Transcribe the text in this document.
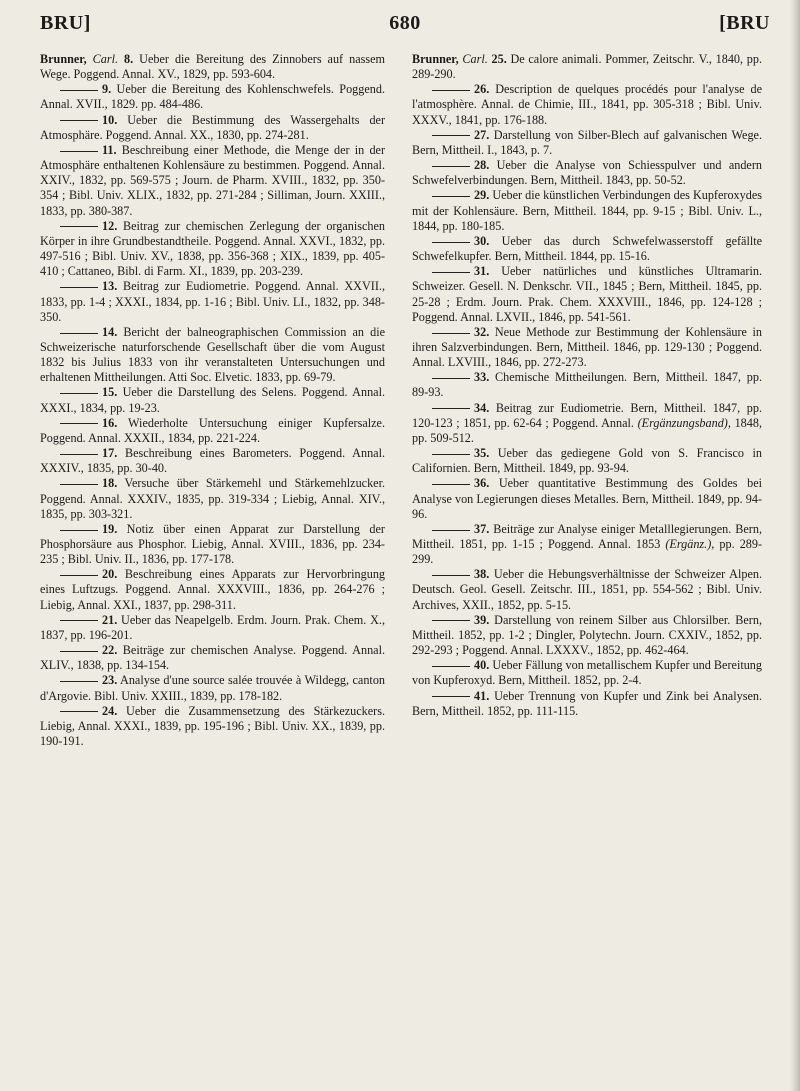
BRU]	680	[BRU

Brunner, Carl. 8. Ueber die Bereitung des Zinnobers auf nassem Wege. Poggend. Annal. XV., 1829, pp. 593-604.

9. Ueber die Bereitung des Kohlenschwefels. Poggend. Annal. XVII., 1829. pp. 484-486.

10. Ueber die Bestimmung des Wassergehalts der Atmosphäre. Poggend. Annal. XX., 1830, pp. 274-281.

11. Beschreibung einer Methode, die Menge der in der Atmosphäre enthaltenen Kohlensäure zu bestimmen. Poggend. Annal. XXIV., 1832, pp. 569-575 ; Journ. de Pharm. XVIII., 1832, pp. 350-354 ; Bibl. Univ. XLIX., 1832, pp. 271-284 ; Silliman, Journ. XXIII., 1833, pp. 380-387.

12. Beitrag zur chemischen Zerlegung der organischen Körper in ihre Grundbestandtheile. Poggend. Annal. XXVI., 1832, pp. 497-516 ; Bibl. Univ. XV., 1838, pp. 356-368 ; XIX., 1839, pp. 405-410 ; Cattaneo, Bibl. di Farm. XI., 1839, pp. 203-239.

13. Beitrag zur Eudiometrie. Poggend. Annal. XXVII., 1833, pp. 1-4 ; XXXI., 1834, pp. 1-16 ; Bibl. Univ. LI., 1832, pp. 348-350.

14. Bericht der balneographischen Commission an die Schweizerische naturforschende Gesellschaft über die vom August 1832 bis Julius 1833 von ihr veranstalteten Untersuchungen und erhaltenen Mittheilungen. Atti Soc. Elvetic. 1833, pp. 69-79.

15. Ueber die Darstellung des Selens. Poggend. Annal. XXXI., 1834, pp. 19-23.

16. Wiederholte Untersuchung einiger Kupfersalze. Poggend. Annal. XXXII., 1834, pp. 221-224.

17. Beschreibung eines Barometers. Poggend. Annal. XXXIV., 1835, pp. 30-40.

18. Versuche über Stärkemehl und Stärkemehlzucker. Poggend. Annal. XXXIV., 1835, pp. 319-334 ; Liebig, Annal. XIV., 1835, pp. 303-321.

19. Notiz über einen Apparat zur Darstellung der Phosphorsäure aus Phosphor. Liebig, Annal. XVIII., 1836, pp. 234-235 ; Bibl. Univ. II., 1836, pp. 177-178.

20. Beschreibung eines Apparats zur Hervorbringung eines Luftzugs. Poggend. Annal. XXXVIII., 1836, pp. 264-276 ; Liebig, Annal. XXI., 1837, pp. 298-311.

21. Ueber das Neapelgelb. Erdm. Journ. Prak. Chem. X., 1837, pp. 196-201.

22. Beiträge zur chemischen Analyse. Poggend. Annal. XLIV., 1838, pp. 134-154.

23. Analyse d'une source salée trouvée à Wildegg, canton d'Argovie. Bibl. Univ. XXIII., 1839, pp. 178-182.

24. Ueber die Zusammensetzung des Stärkezuckers. Liebig, Annal. XXXI., 1839, pp. 195-196 ; Bibl. Univ. XX., 1839, pp. 190-191.

Brunner, Carl. 25. De calore animali. Pommer, Zeitschr. V., 1840, pp. 289-290.

26. Description de quelques procédés pour l'analyse de l'atmosphère. Annal. de Chimie, III., 1841, pp. 305-318 ; Bibl. Univ. XXXV., 1841, pp. 176-188.

27. Darstellung von Silber-Blech auf galvanischen Wege. Bern, Mittheil. I., 1843, p. 7.

28. Ueber die Analyse von Schiesspulver und andern Schwefelverbindungen. Bern, Mittheil. 1843, pp. 50-52.

29. Ueber die künstlichen Verbindungen des Kupferoxydes mit der Kohlensäure. Bern, Mittheil. 1844, pp. 9-15 ; Bibl. Univ. L., 1844, pp. 180-185.

30. Ueber das durch Schwefelwasserstoff gefällte Schwefelkupfer. Bern, Mittheil. 1844, pp. 15-16.

31. Ueber natürliches und künstliches Ultramarin. Schweizer. Gesell. N. Denkschr. VII., 1845 ; Bern, Mittheil. 1845, pp. 25-28 ; Erdm. Journ. Prak. Chem. XXXVIII., 1846, pp. 124-128 ; Poggend. Annal. LXVII., 1846, pp. 541-561.

32. Neue Methode zur Bestimmung der Kohlensäure in ihren Salzverbindungen. Bern, Mittheil. 1846, pp. 129-130 ; Poggend. Annal. LXVIII., 1846, pp. 272-273.

33. Chemische Mittheilungen. Bern, Mittheil. 1847, pp. 89-93.

34. Beitrag zur Eudiometrie. Bern, Mittheil. 1847, pp. 120-123 ; 1851, pp. 62-64 ; Poggend. Annal. (Ergänzungsband), 1848, pp. 509-512.

35. Ueber das gediegene Gold von S. Francisco in Californien. Bern, Mittheil. 1849, pp. 93-94.

36. Ueber quantitative Bestimmung des Goldes bei Analyse von Legierungen dieses Metalles. Bern, Mittheil. 1849, pp. 94-96.

37. Beiträge zur Analyse einiger Metalllegierungen. Bern, Mittheil. 1851, pp. 1-15 ; Poggend. Annal. 1853 (Ergänz.), pp. 289-299.

38. Ueber die Hebungsverhältnisse der Schweizer Alpen. Deutsch. Geol. Gesell. Zeitschr. III., 1851, pp. 554-562 ; Bibl. Univ. Archives, XXII., 1852, pp. 5-15.

39. Darstellung von reinem Silber aus Chlorsilber. Bern, Mittheil. 1852, pp. 1-2 ; Dingler, Polytechn. Journ. CXXIV., 1852, pp. 292-293 ; Poggend. Annal. LXXXV., 1852, pp. 462-464.

40. Ueber Fällung von metallischem Kupfer und Bereitung von Kupferoxyd. Bern, Mittheil. 1852, pp. 2-4.

41. Ueber Trennung von Kupfer und Zink bei Analysen. Bern, Mittheil. 1852, pp. 111-115.
